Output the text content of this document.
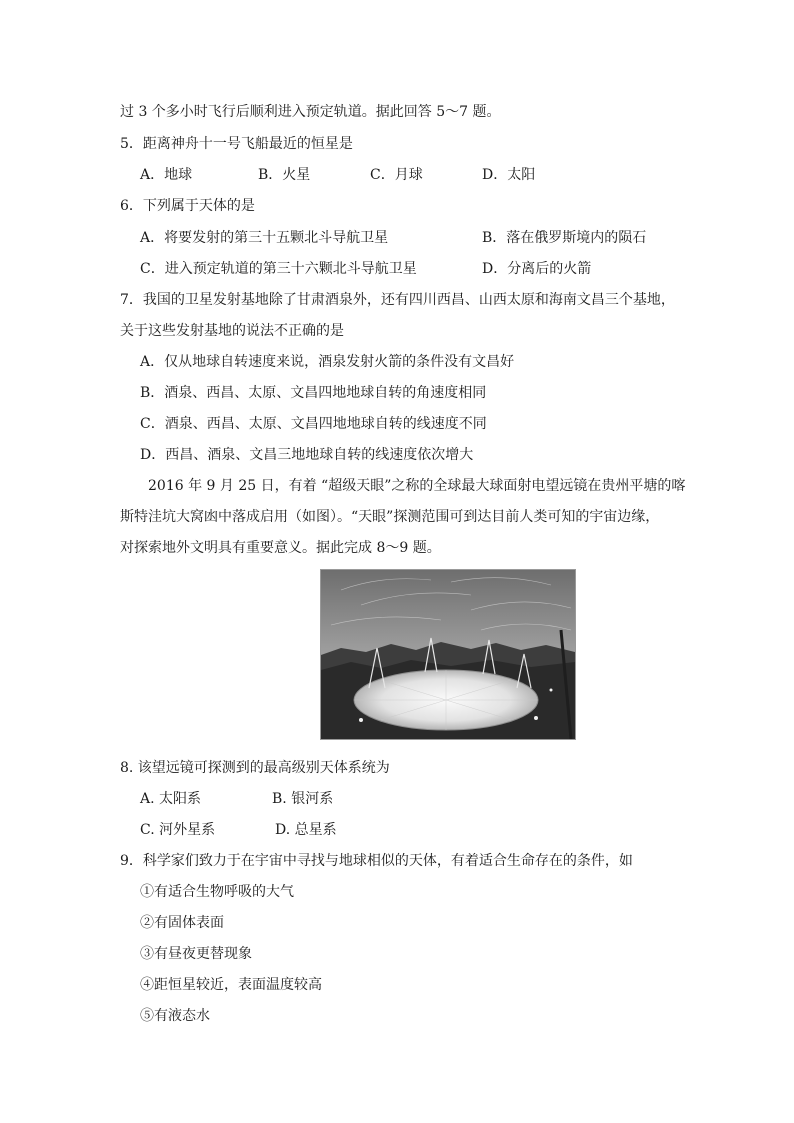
过 3 个多小时飞行后顺利进入预定轨道。据此回答 5～7 题。
5．距离神舟十一号飞船最近的恒星是
A．地球	B．火星	C．月球	D．太阳
6．下列属于天体的是
A．将要发射的第三十五颗北斗导航卫星	B．落在俄罗斯境内的陨石
C．进入预定轨道的第三十六颗北斗导航卫星	D．分离后的火箭
7．我国的卫星发射基地除了甘肃酒泉外，还有四川西昌、山西太原和海南文昌三个基地，
关于这些发射基地的说法不正确的是
A．仅从地球自转速度来说，酒泉发射火箭的条件没有文昌好
B．酒泉、西昌、太原、文昌四地地球自转的角速度相同
C．酒泉、西昌、太原、文昌四地地球自转的线速度不同
D．西昌、酒泉、文昌三地地球自转的线速度依次增大
2016 年 9 月 25 日，有着 “超级天眼”之称的全球最大球面射电望远镜在贵州平塘的喀
斯特洼坑大窝凼中落成启用（如图）。“天眼”探测范围可到达目前人类可知的宇宙边缘，
对探索地外文明具有重要意义。据此完成 8～9 题。
8. 该望远镜可探测到的最高级别天体系统为
A. 太阳系	B. 银河系
C. 河外星系	D. 总星系
9．科学家们致力于在宇宙中寻找与地球相似的天体，有着适合生命存在的条件，如
①有适合生物呼吸的大气
②有固体表面
③有昼夜更替现象
④距恒星较近，表面温度较高
⑤有液态水
